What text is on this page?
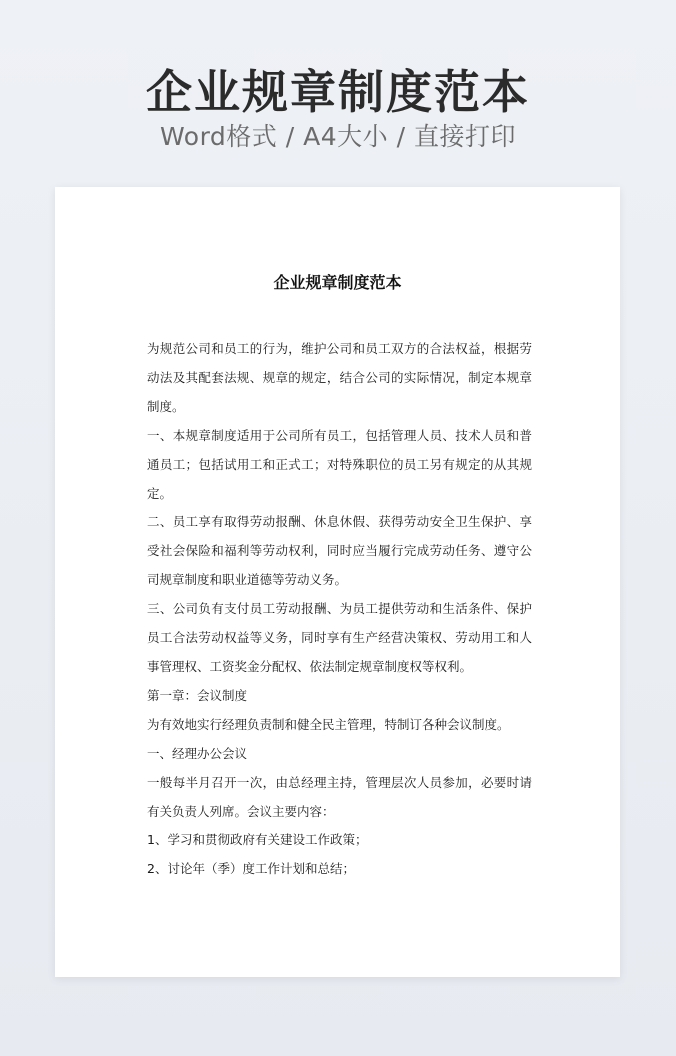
企业规章制度范本
Word格式 / A4大小 / 直接打印
企业规章制度范本

为规范公司和员工的行为，维护公司和员工双方的合法权益，根据劳动法及其配套法规、规章的规定，结合公司的实际情况，制定本规章制度。

一、本规章制度适用于公司所有员工，包括管理人员、技术人员和普通员工；包括试用工和正式工；对特殊职位的员工另有规定的从其规定。

二、员工享有取得劳动报酬、休息休假、获得劳动安全卫生保护、享受社会保险和福利等劳动权利，同时应当履行完成劳动任务、遵守公司规章制度和职业道德等劳动义务。

三、公司负有支付员工劳动报酬、为员工提供劳动和生活条件、保护员工合法劳动权益等义务，同时享有生产经营决策权、劳动用工和人事管理权、工资奖金分配权、依法制定规章制度权等权利。

第一章：会议制度

为有效地实行经理负责制和健全民主管理，特制订各种会议制度。

一、经理办公会议

一般每半月召开一次，由总经理主持，管理层次人员参加，必要时请有关负责人列席。会议主要内容：

1、学习和贯彻政府有关建设工作政策；

2、讨论年（季）度工作计划和总结；
